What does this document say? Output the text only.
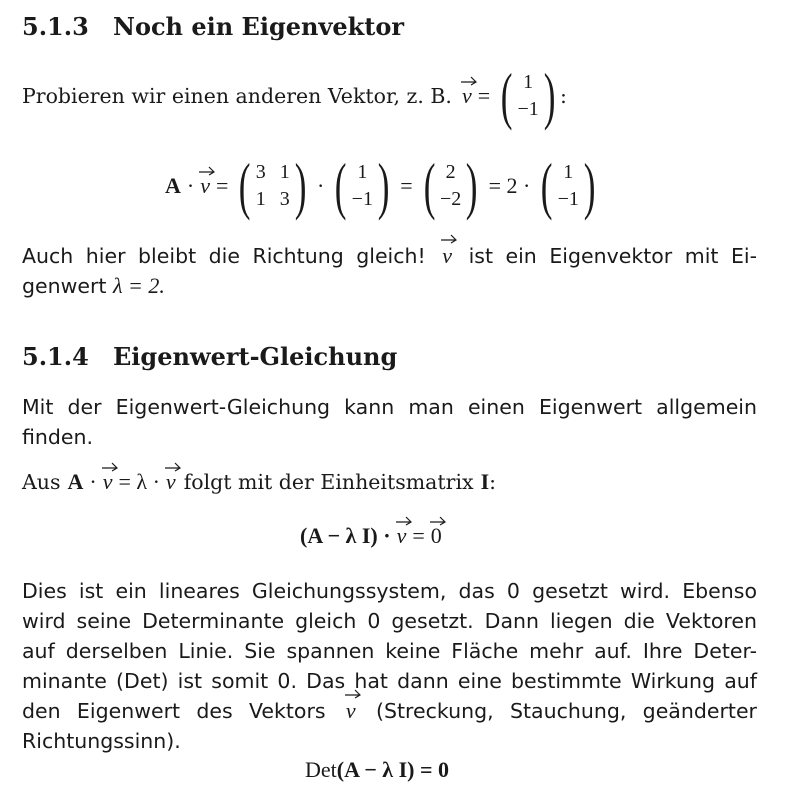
5.1.3 Noch ein Eigenvektor
Probieren wir einen anderen Vektor, z. B. v = ( 1
−1 ) :
A · v = ( 3 1
1 3 ) · ( 1
−1 ) = ( 2
−2 ) = 2 · ( 1
−1 )
Auch hier bleibt die Richtung gleich! v ist ein Eigenvektor mit Ei-
genwert λ = 2.
5.1.4 Eigenwert-Gleichung
Mit der Eigenwert-Gleichung kann man einen Eigenwert allgemein
finden.
Aus A · v = λ · v folgt mit der Einheitsmatrix I :
(A − λ I) · v = 0
Dies ist ein lineares Gleichungssystem, das 0 gesetzt wird. Ebenso
wird seine Determinante gleich 0 gesetzt. Dann liegen die Vektoren
auf derselben Linie. Sie spannen keine Fläche mehr auf. Ihre Deter-
minante (Det) ist somit 0. Das hat dann eine bestimmte Wirkung auf
den Eigenwert des Vektors v (Streckung, Stauchung, geänderter
Richtungssinn).
Det (A − λ I) = 0
